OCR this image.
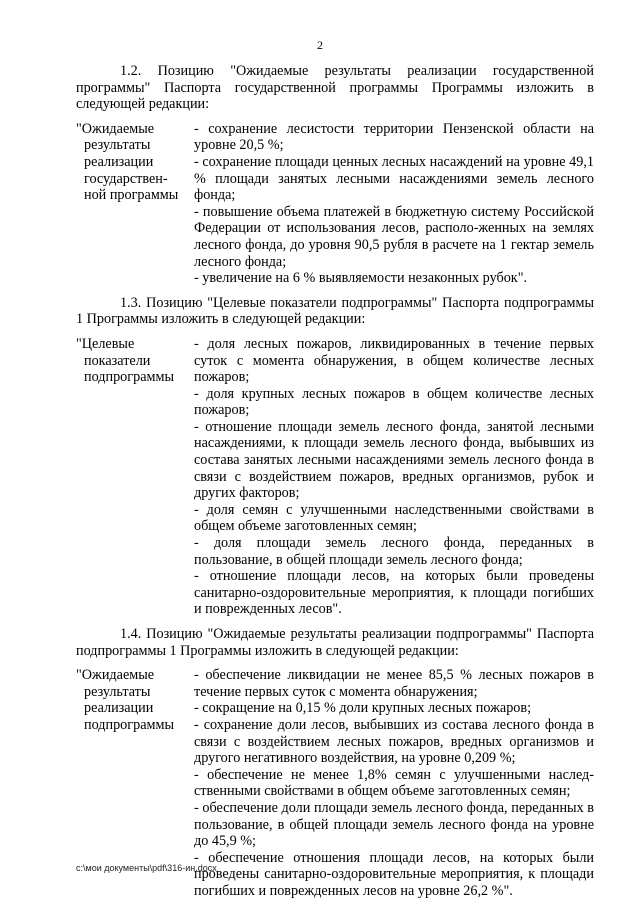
2

1.2. Позицию "Ожидаемые результаты реализации государственной программы" Паспорта государственной программы Программы изложить в следующей редакции:

"Ожидаемые
результаты
реализации
государствен-
ной программы
- сохранение лесистости территории Пензенской области на уровне 20,5 %;
- сохранение площади ценных лесных насаждений на уровне 49,1 % площади занятых лесными насаждениями земель лесного фонда;
- повышение объема платежей в бюджетную систему Российской Федерации от использования лесов, располо-женных на землях лесного фонда, до уровня 90,5 рубля в расчете на 1 гектар земель лесного фонда;
- увеличение на 6 % выявляемости незаконных рубок".

1.3. Позицию "Целевые показатели подпрограммы" Паспорта подпрограммы 1 Программы изложить в следующей редакции:

"Целевые
показатели
подпрограммы
- доля лесных пожаров, ликвидированных в течение первых суток с момента обнаружения, в общем количестве лесных пожаров;
- доля крупных лесных пожаров в общем количестве лесных пожаров;
- отношение площади земель лесного фонда, занятой лесными насаждениями, к площади земель лесного фонда, выбывших из состава занятых лесными насаждениями земель лесного фонда в связи с воздействием пожаров, вредных организмов, рубок и других факторов;
- доля семян с улучшенными наследственными свойствами в общем объеме заготовленных семян;
- доля площади земель лесного фонда, переданных в пользование, в общей площади земель лесного фонда;
- отношение площади лесов, на которых были проведены санитарно-оздоровительные мероприятия, к площади погибших и поврежденных лесов".

1.4. Позицию "Ожидаемые результаты реализации подпрограммы" Паспорта подпрограммы 1 Программы изложить в следующей редакции:

"Ожидаемые
результаты
реализации
подпрограммы
- обеспечение ликвидации не менее 85,5 % лесных пожаров в течение первых суток с момента обнаружения;
- сокращение на 0,15 % доли крупных лесных пожаров;
- сохранение доли лесов, выбывших из состава лесного фонда в связи с воздействием лесных пожаров, вредных организмов и другого негативного воздействия, на уровне 0,209 %;
- обеспечение не менее 1,8% семян с улучшенными наслед-ственными свойствами в общем объеме заготовленных семян;
- обеспечение доли площади земель лесного фонда, переданных в пользование, в общей площади земель лесного фонда на уровне до 45,9 %;
- обеспечение отношения площади лесов, на которых были проведены санитарно-оздоровительные мероприятия, к площади погибших и поврежденных лесов на уровне 26,2 %".
c:\мои документы\pdf\316-ин.docx
